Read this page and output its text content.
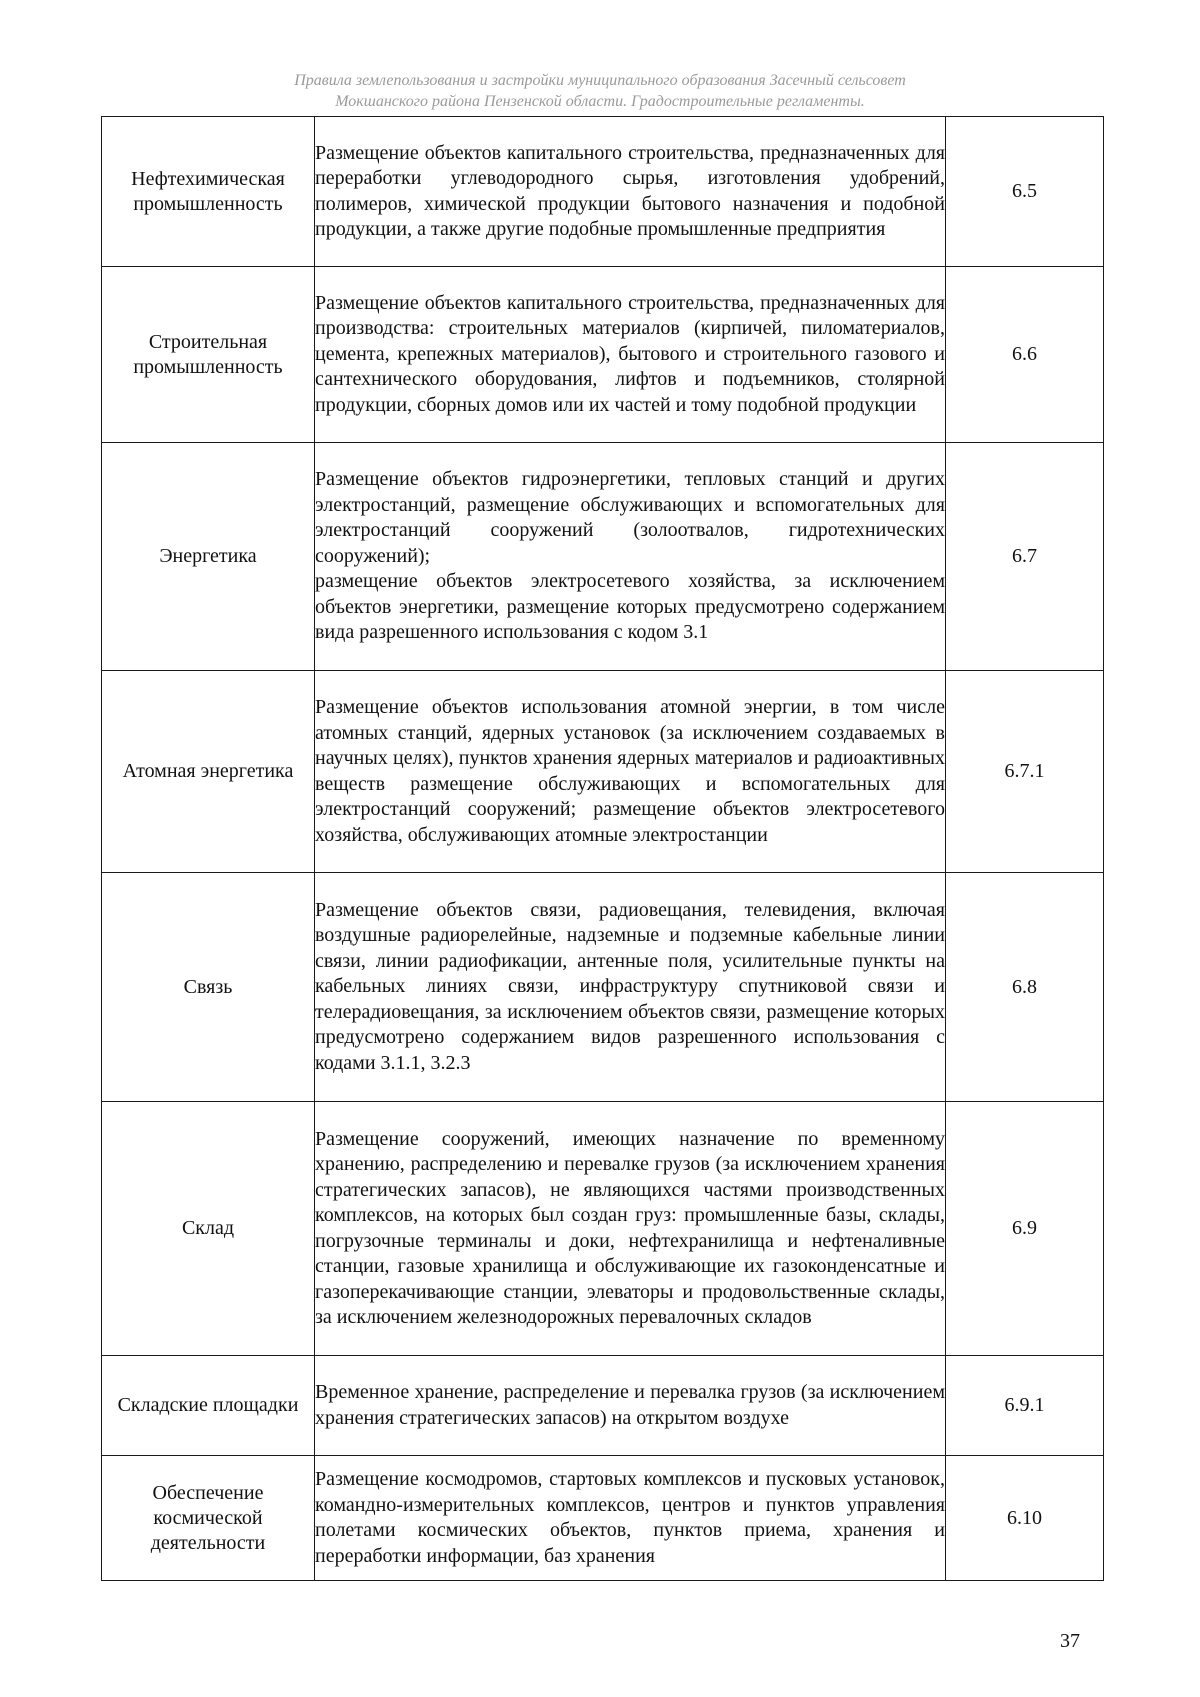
Правила землепользования и застройки муниципального образования Засечный сельсовет
Мокшанского района Пензенской области. Градостроительные регламенты.
Нефтехимическая промышленность	Размещение объектов капитального строительства, предназначенных для переработки углеводородного сырья, изготовления удобрений, полимеров, химической продукции бытового назначения и подобной продукции, а также другие подобные промышленные предприятия	6.5
Строительная промышленность	Размещение объектов капитального строительства, предназначенных для производства: строительных материалов (кирпичей, пиломатериалов, цемента, крепежных материалов), бытового и строительного газового и сантехнического оборудования, лифтов и подъемников, столярной продукции, сборных домов или их частей и тому подобной продукции	6.6
Энергетика	Размещение объектов гидроэнергетики, тепловых станций и других электростанций, размещение обслуживающих и вспомогательных для электростанций сооружений (золоотвалов, гидротехнических сооружений);
размещение объектов электросетевого хозяйства, за исключением объектов энергетики, размещение которых предусмотрено содержанием вида разрешенного использования с кодом 3.1	6.7
Атомная энергетика	Размещение объектов использования атомной энергии, в том числе атомных станций, ядерных установок (за исключением создаваемых в научных целях), пунктов хранения ядерных материалов и радиоактивных веществ размещение обслуживающих и вспомогательных для электростанций сооружений; размещение объектов электросетевого хозяйства, обслуживающих атомные электростанции	6.7.1
Связь	Размещение объектов связи, радиовещания, телевидения, включая воздушные радиорелейные, надземные и подземные кабельные линии связи, линии радиофикации, антенные поля, усилительные пункты на кабельных линиях связи, инфраструктуру спутниковой связи и телерадиовещания, за исключением объектов связи, размещение которых предусмотрено содержанием видов разрешенного использования с кодами 3.1.1, 3.2.3	6.8
Склад	Размещение сооружений, имеющих назначение по временному хранению, распределению и перевалке грузов (за исключением хранения стратегических запасов), не являющихся частями производственных комплексов, на которых был создан груз: промышленные базы, склады, погрузочные терминалы и доки, нефтехранилища и нефтеналивные станции, газовые хранилища и обслуживающие их газоконденсатные и газоперекачивающие станции, элеваторы и продовольственные склады, за исключением железнодорожных перевалочных складов	6.9
Складские площадки	Временное хранение, распределение и перевалка грузов (за исключением хранения стратегических запасов) на открытом воздухе	6.9.1
Обеспечение космической деятельности	Размещение космодромов, стартовых комплексов и пусковых установок, командно-измерительных комплексов, центров и пунктов управления полетами космических объектов, пунктов приема, хранения и переработки информации, баз хранения	6.10
37
